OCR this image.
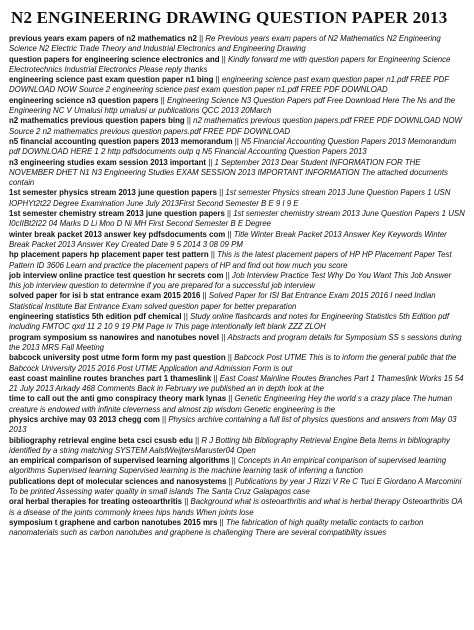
N2 ENGINEERING DRAWING QUESTION PAPER 2013

previous years exam papers of n2 mathematics n2 || Re Previous years exam papers of N2 Mathematics N2 Engineering Science N2 Electric Trade Theory and Industrial Electronics and Engineering Drawing

question papers for engineering science electronics and || Kindly forward me with question papers for Engineering Science Electrotechnics Industrial Electronics Please reply thanks

engineering science past exam question paper n1 bing || engineering science past exam question paper n1.pdf FREE PDF DOWNLOAD NOW Source 2 engineering science past exam question paper n1.pdf FREE PDF DOWNLOAD

engineering science n3 question papers || Engineering Science N3 Question Papers pdf Free Download Here The Ns and the Engineering NC V Umalusi http umalusi ur publications QCC 2013 20March

n2 mathematics previous question papers bing || n2 mathematics previous question papers.pdf FREE PDF DOWNLOAD NOW Source 2 n2 mathematics previous question papers.pdf FREE PDF DOWNLOAD

n5 financial accounting question papers 2013 memorandum || N5 Financial Accounting Question Papers 2013 Memorandum pdf DOWNLOAD HERE 1 2 http pdfsdocuments outp q N5 Financial Accounting Question Papers 2013

n3 engineering studies exam session 2013 important || 1 September 2013 Dear Student INFORMATION FOR THE NOVEMBER DHET N1 N3 Engineering Studies EXAM SESSION 2013 IMPORTANT INFORMATION The attached documents contain

1st semester physics stream 2013 june question papers || 1st semester Physics stream 2013 June Question Papers 1 USN IOPHYt2t22 Degree Examination June July 2013First Second Semester B E 9 I 9 E

1st semester chemistry stream 2013 june question papers || 1st semester chemistry stream 2013 June Question Papers 1 USN I0cIIBt2I22 04 Marks D Li Mno D Ni MH First Second Semester B E Degree

winter break packet 2013 answer key pdfsdocuments com || Title Winter Break Packet 2013 Answer Key Keywords Winter Break Packet 2013 Answer Key Created Date 9 5 2014 3 08 09 PM

hp placement papers hp placement paper test pattern || This is the latest placement papers of HP HP Placement Paper Test Pattern ID 3606 Learn and practice the placement papers of HP and find out how much you score

job interview online practice test question hr secrets com || Job Interview Practice Test Why Do You Want This Job Answer this job interview question to determine if you are prepared for a successful job interview

solved paper for isi b stat entrance exam 2015 2016 || Solved Paper for ISI Bat Entrance Exam 2015 2016 I need Indian Statistical Institute Bat Entrance Exam solved question paper for better preparation

engineering statistics 5th edition pdf chemical || Study online flashcards and notes for Engineering Statistics 5th Edition pdf including FMTOC qxd 11 2 10 9 19 PM Page iv This page intentionally left blank ZZZ ZLOH

program symposium ss nanowires and nanotubes novel || Abstracts and program details for Symposium SS s sessions during the 2013 MRS Fall Meeting

babcock university post utme form form my past question || Babcock Post UTME This is to inform the general public that the Babcock University 2015 2016 Post UTME Application and Admission Form is out

east coast mainline routes branches part 1 thameslink || East Coast Mainline Routes Branches Part 1 Thameslink Works 15 54 21 July 2013 Arkady 468 Comments Back in February we published an in depth look at the

time to call out the anti gmo conspiracy theory mark lynas || Genetic Engineering Hey the world s a crazy place The human creature is endowed with infinite cleverness and almost zip wisdom Genetic engineering is the

physics archive may 03 2013 chegg com || Physics archive containing a full list of physics questions and answers from May 03 2013

bibliography retrieval engine beta csci csusb edu || R J Botting bib Bibliography Retrieval Engine Beta Items in bibliography identified by a string matching SYSTEM AalstWeijtersMaruster04 Open

an empirical comparison of supervised learning algorithms || Concepts in An empirical comparison of supervised learning algorithms Supervised learning Supervised learning is the machine learning task of inferring a function

publications dept of molecular sciences and nanosystems || Publications by year J Rizzi V Re C Tuci E Giordano A Marcomini To be printed Assessing water quality in small islands The Santa Cruz Galapagos case

oral herbal therapies for treating osteoarthritis || Background what is osteoarthritis and what is herbal therapy Osteoarthritis OA is a disease of the joints commonly knees hips hands When joints lose

symposium t graphene and carbon nanotubes 2015 mrs || The fabrication of high quality metallic contacts to carbon nanomaterials such as carbon nanotubes and graphene is challenging There are several compatibility issues
